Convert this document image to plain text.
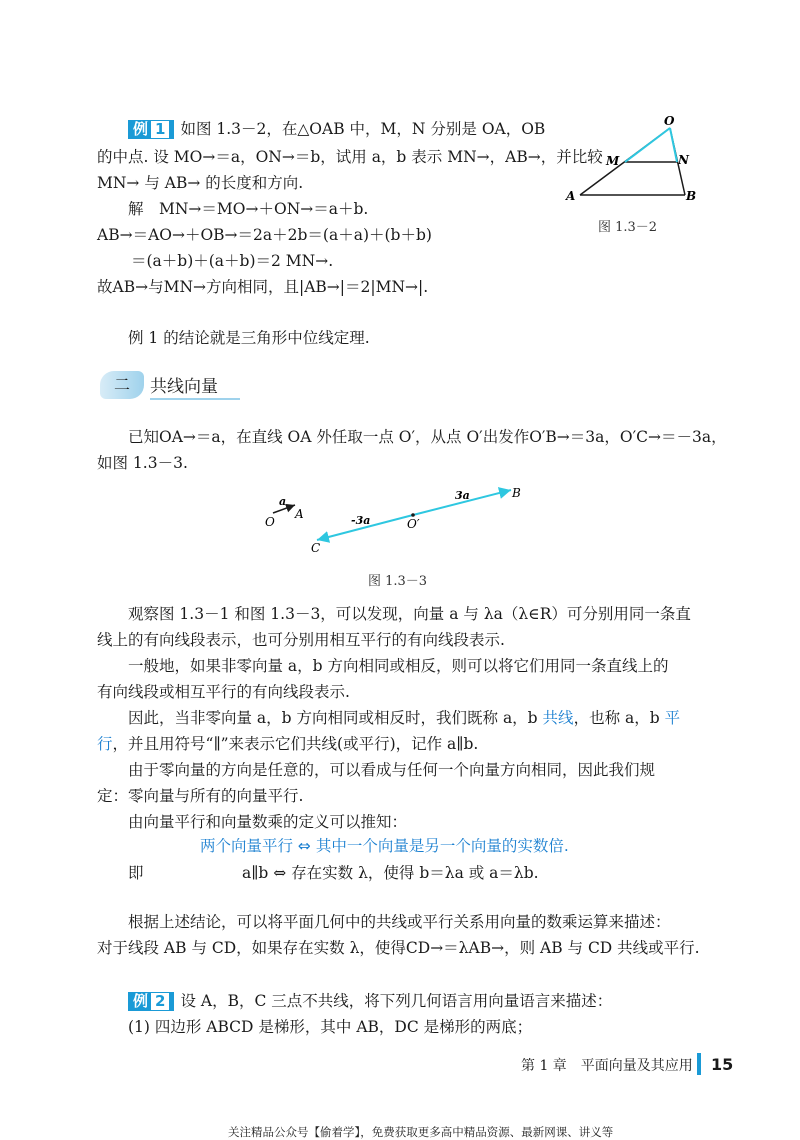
例 1 如图 1.3－2，在△OAB 中，M，N 分别是 OA，OB
的中点. 设 MO→＝a，ON→＝b，试用 a，b 表示 MN→，AB→，并比较
MN→ 与 AB→ 的长度和方向.
解　MN→＝MO→＋ON→＝a＋b.
AB→＝AO→＋OB→＝2a＋2b＝(a＋a)＋(b＋b)
＝(a＋b)＋(a＋b)＝2 MN→.
故AB→与MN→方向相同，且|AB→|＝2|MN→|.
例 1 的结论就是三角形中位线定理.
O
M	N
A	B
图 1.3－2
二	共线向量
已知OA→＝a，在直线 OA 外任取一点 O′，从点 O′出发作O′B→＝3a，O′C→＝－3a，
如图 1.3－3.
a
O
A	-3a	O′
C
3a	B
图 1.3－3
观察图 1.3－1 和图 1.3－3，可以发现，向量 a 与 λa（λ∈R）可分别用同一条直
线上的有向线段表示，也可分别用相互平行的有向线段表示.
一般地，如果非零向量 a，b 方向相同或相反，则可以将它们用同一条直线上的
有向线段或相互平行的有向线段表示.
因此，当非零向量 a，b 方向相同或相反时，我们既称 a，b 共线，也称 a，b 平
行，并且用符号“∥”来表示它们共线(或平行)，记作 a∥b.
由于零向量的方向是任意的，可以看成与任何一个向量方向相同，因此我们规
定：零向量与所有的向量平行.
由向量平行和向量数乘的定义可以推知：
两个向量平行 ⇔ 其中一个向量是另一个向量的实数倍.
即	a∥b ⇔ 存在实数 λ，使得 b＝λa 或 a＝λb.
根据上述结论，可以将平面几何中的共线或平行关系用向量的数乘运算来描述：
对于线段 AB 与 CD，如果存在实数 λ，使得CD→＝λAB→，则 AB 与 CD 共线或平行.
例 2 设 A，B，C 三点不共线，将下列几何语言用向量语言来描述：
(1) 四边形 ABCD 是梯形，其中 AB，DC 是梯形的两底；
第 1 章　平面向量及其应用 15
关注精品公众号【偷着学】，免费获取更多高中精品资源、最新网课、讲义等
